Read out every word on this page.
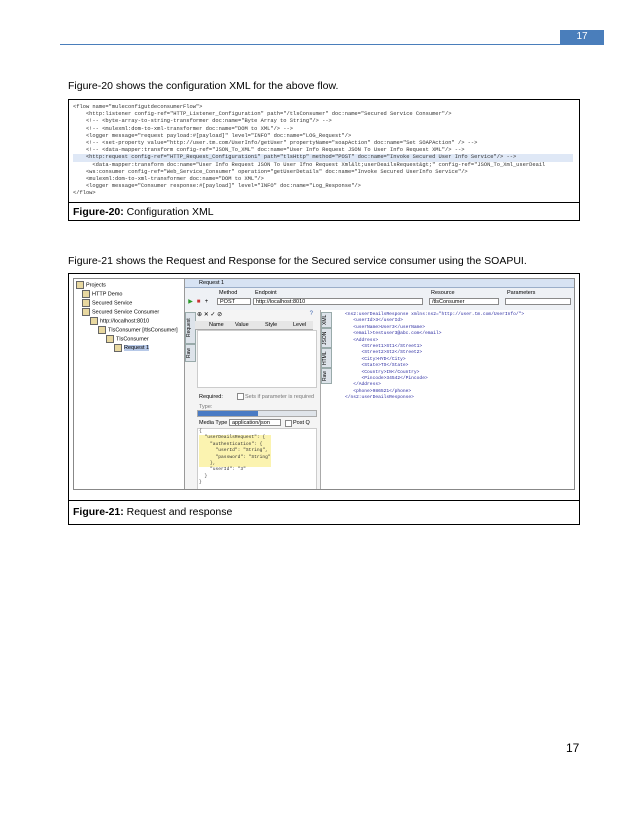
17
Figure-20 shows the configuration XML for the above flow.
<flow name="muleconfigutdeconsumerFlow">
<http:listener config-ref="HTTP_Listener_Configuration" path="/tlsConsumer" doc:name="Secured Service Consumer"/>
<!-- <byte-array-to-string-transformer doc:name="Byte Array to String"/> -->
<!-- <mulexml:dom-to-xml-transformer doc:name="DOM to XML"/> -->
<logger message="request payload:#[payload]" level="INFO" doc:name="LOG_Request"/>
<!-- <set-property value="http://user.tm.com/UserInfo/getUser" propertyName="soapAction" doc:name="Set SOAPAction" /> -->
<!-- <data-mapper:transform config-ref="JSON_To_XML" doc:name="User Info Request JSON To User Info Request XML"/> -->
<http:request config-ref="HTTP_Request_Configuration1" path="tlsHttp" method="POST" doc:name="Invoke Secured User Info Service"/> -->
<data-mapper:transform doc:name="User Info Request JSON To User Ifno Request Xml&lt;userDeailsRequest&gt;" config-ref="JSON_To_Xml_userDeail
<ws:consumer config-ref="Web_Service_Consumer" operation="getUserDetails" doc:name="Invoke Secured UserInfo Service"/>
<mulexml:dom-to-xml-transformer doc:name="DOM to XML"/>
<logger message="Consumer response:#[payload]" level="INFO" doc:name="Log_Response"/>
</flow>
Figure-20: Configuration XML
Figure-21 shows the Request and Response for the Secured service consumer using the SOAPUI.
Projects
HTTP Demo
Secured Service
Secured Service Consumer
http://localhost:8010
TlsConsumer [/tlsConsumer]
TlsConsumer
Request 1
Request 1
▶ ■ +
Method
POST
Endpoint
http://localhost:8010
Resource
/tlsConsumer
Parameters
Request
Raw
⊕ ✕ ✓ ⊘	?
Name Value	Style	Level
Required:	Sets if parameter is required
Type:
Media Type application/json	Post Q
{
"userDeailsRequest": {
"authentication": {
"userId": "String",
"password": "String"
},
"userId": "3"
}
}
XML
JSON
HTML
Raw
<ns2:userDeailsResponse xmlns:ns2="http://user.tm.com/UserInfo/">
<userId>3</userId>
<userName>User3</userName>
<email>testuser3@abc.com</email>
<Address>
<Street1>St1</Street1>
<Street2>St2</Street2>
<City>HYD</City>
<State>TS</State>
<Country>IN</Country>
<Pincode>34542</Pincode>
</Address>
<phone>986521</phone>
</ns2:userDeailsResponse>
Figure-21: Request and response
17
